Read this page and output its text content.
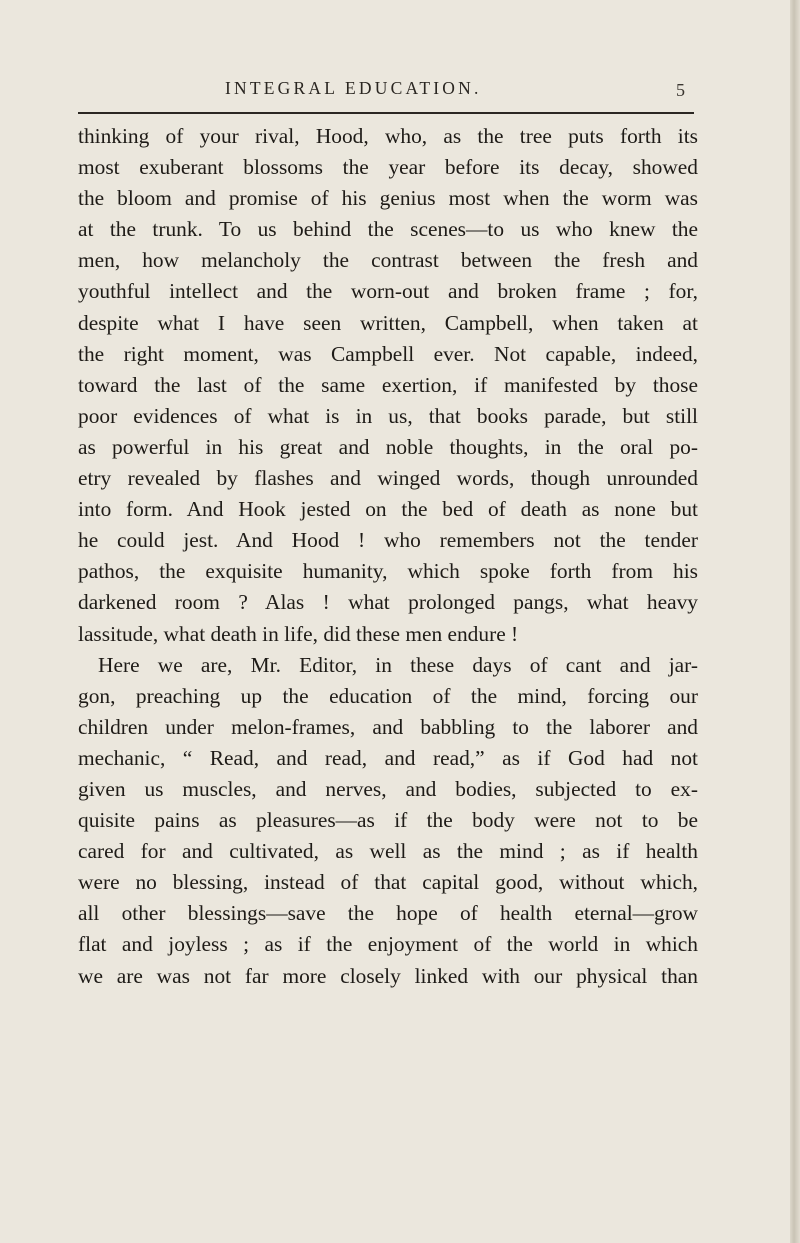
INTEGRAL EDUCATION.	5
thinking of your rival, Hood, who, as the tree puts forth its
most exuberant blossoms the year before its decay, showed
the bloom and promise of his genius most when the worm was
at the trunk. To us behind the scenes—to us who knew the
men, how melancholy the contrast between the fresh and
youthful intellect and the worn-out and broken frame ; for,
despite what I have seen written, Campbell, when taken at
the right moment, was Campbell ever. Not capable, indeed,
toward the last of the same exertion, if manifested by those
poor evidences of what is in us, that books parade, but still
as powerful in his great and noble thoughts, in the oral po-
etry revealed by flashes and winged words, though unrounded
into form. And Hook jested on the bed of death as none but
he could jest. And Hood ! who remembers not the tender
pathos, the exquisite humanity, which spoke forth from his
darkened room ? Alas ! what prolonged pangs, what heavy
lassitude, what death in life, did these men endure !
Here we are, Mr. Editor, in these days of cant and jar-
gon, preaching up the education of the mind, forcing our
children under melon-frames, and babbling to the laborer and
mechanic, “ Read, and read, and read,” as if God had not
given us muscles, and nerves, and bodies, subjected to ex-
quisite pains as pleasures—as if the body were not to be
cared for and cultivated, as well as the mind ; as if health
were no blessing, instead of that capital good, without which,
all other blessings—save the hope of health eternal—grow
flat and joyless ; as if the enjoyment of the world in which
we are was not far more closely linked with our physical than
